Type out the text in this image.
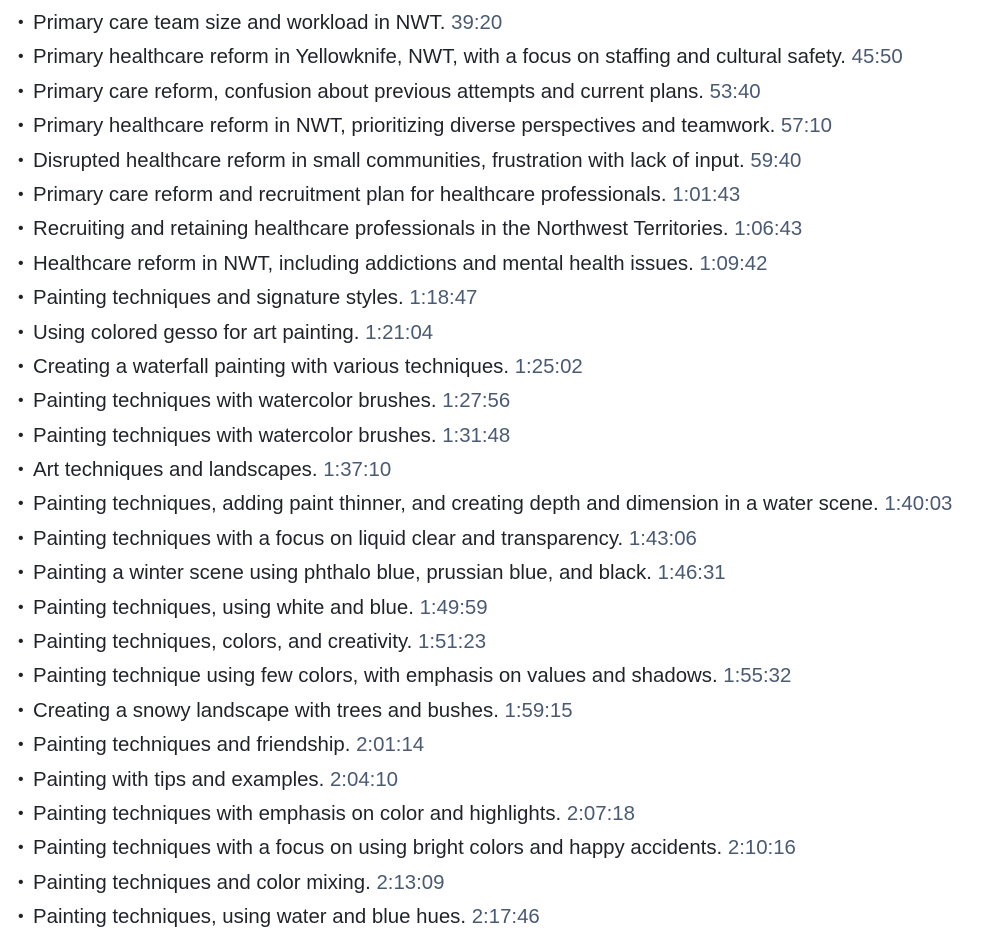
• Primary care team size and workload in NWT. 39:20
• Primary healthcare reform in Yellowknife, NWT, with a focus on staffing and cultural safety. 45:50
• Primary care reform, confusion about previous attempts and current plans. 53:40
• Primary healthcare reform in NWT, prioritizing diverse perspectives and teamwork. 57:10
• Disrupted healthcare reform in small communities, frustration with lack of input. 59:40
• Primary care reform and recruitment plan for healthcare professionals. 1:01:43
• Recruiting and retaining healthcare professionals in the Northwest Territories. 1:06:43
• Healthcare reform in NWT, including addictions and mental health issues. 1:09:42
• Painting techniques and signature styles. 1:18:47
• Using colored gesso for art painting. 1:21:04
• Creating a waterfall painting with various techniques. 1:25:02
• Painting techniques with watercolor brushes. 1:27:56
• Painting techniques with watercolor brushes. 1:31:48
• Art techniques and landscapes. 1:37:10
• Painting techniques, adding paint thinner, and creating depth and dimension in a water scene. 1:40:03
• Painting techniques with a focus on liquid clear and transparency. 1:43:06
• Painting a winter scene using phthalo blue, prussian blue, and black. 1:46:31
• Painting techniques, using white and blue. 1:49:59
• Painting techniques, colors, and creativity. 1:51:23
• Painting technique using few colors, with emphasis on values and shadows. 1:55:32
• Creating a snowy landscape with trees and bushes. 1:59:15
• Painting techniques and friendship. 2:01:14
• Painting with tips and examples. 2:04:10
• Painting techniques with emphasis on color and highlights. 2:07:18
• Painting techniques with a focus on using bright colors and happy accidents. 2:10:16
• Painting techniques and color mixing. 2:13:09
• Painting techniques, using water and blue hues. 2:17:46
